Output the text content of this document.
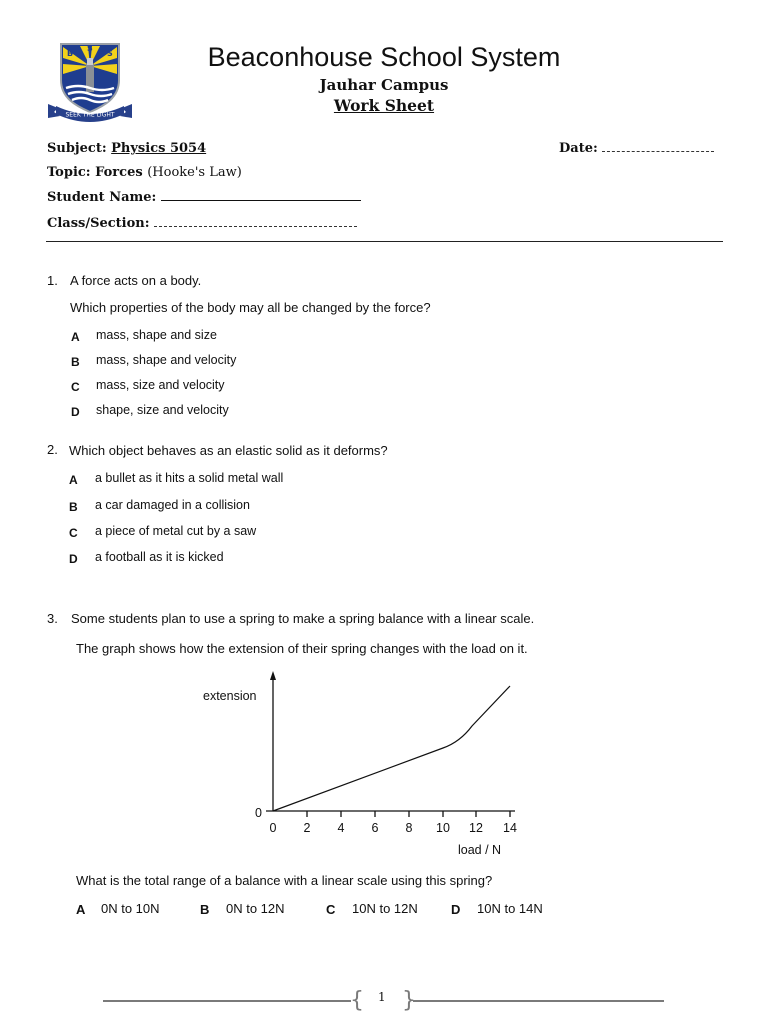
B
S
S
SEEK THE LIGHT
Beaconhouse School System
Jauhar Campus
Work Sheet
Subject: Physics 5054	Date:
Topic: Forces (Hooke's Law)
Student Name:
Class/Section:
1. A force acts on a body.
Which properties of the body may all be changed by the force?
A mass, shape and size
B mass, shape and velocity
C mass, size and velocity
D shape, size and velocity
2. Which object behaves as an elastic solid as it deforms?
A a bullet as it hits a solid metal wall
B a car damaged in a collision
C a piece of metal cut by a saw
D a football as it is kicked
3. Some students plan to use a spring to make a spring balance with a linear scale.
The graph shows how the extension of their spring changes with the load on it.
extension
0
0 2 4 6 8 10 12 14
load / N
What is the total range of a balance with a linear scale using this spring?
A 0N to 10N	B 0N to 12N	C 10N to 12N	D 10N to 14N
{ 1 }
